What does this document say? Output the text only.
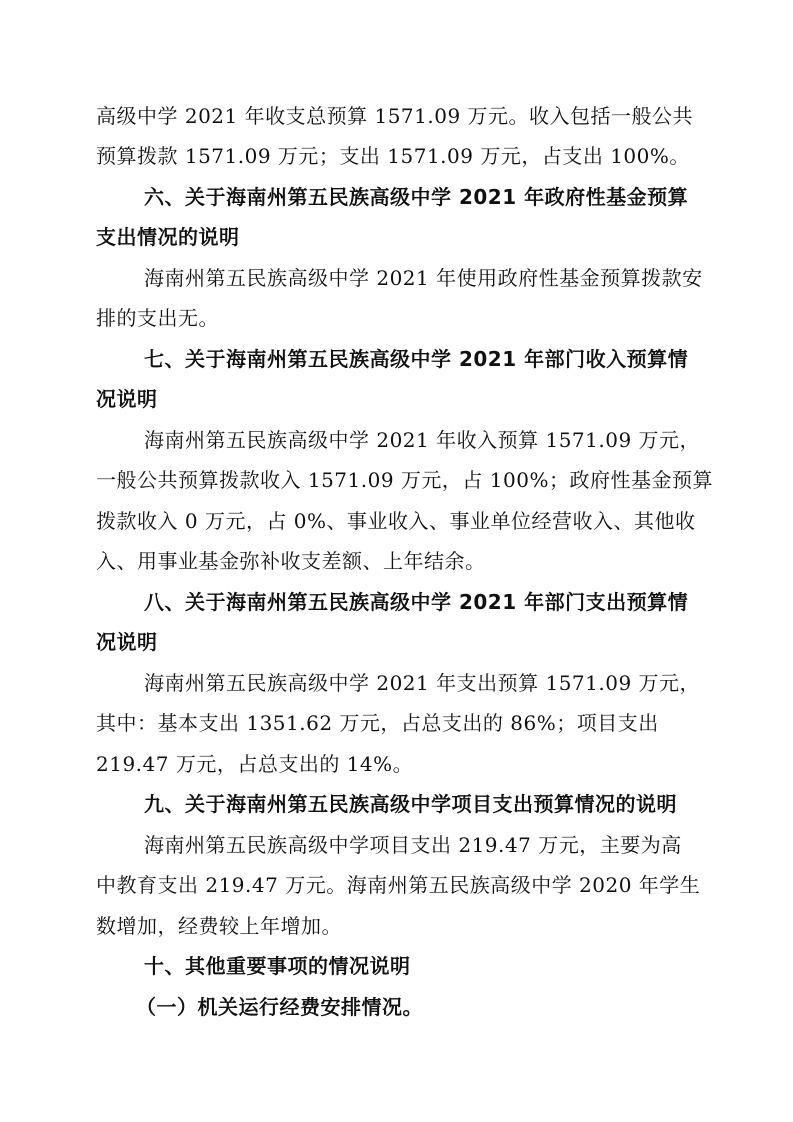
高级中学 2021 年收支总预算 1571.09 万元。收入包括一般公共
预算拨款 1571.09 万元；支出 1571.09 万元，占支出 100%。
六、关于海南州第五民族高级中学 2021 年政府性基金预算
支出情况的说明
海南州第五民族高级中学 2021 年使用政府性基金预算拨款安
排的支出无。
七、关于海南州第五民族高级中学 2021 年部门收入预算情
况说明
海南州第五民族高级中学 2021 年收入预算 1571.09 万元，
一般公共预算拨款收入 1571.09 万元，占 100%；政府性基金预算
拨款收入 0 万元，占 0%、事业收入、事业单位经营收入、其他收
入、用事业基金弥补收支差额、上年结余。
八、关于海南州第五民族高级中学 2021 年部门支出预算情
况说明
海南州第五民族高级中学 2021 年支出预算 1571.09 万元，
其中：基本支出 1351.62 万元，占总支出的 86%；项目支出
219.47 万元，占总支出的 14%。
九、关于海南州第五民族高级中学项目支出预算情况的说明
海南州第五民族高级中学项目支出 219.47 万元，主要为高
中教育支出 219.47 万元。海南州第五民族高级中学 2020 年学生
数增加，经费较上年增加。
十、其他重要事项的情况说明
（一）机关运行经费安排情况。
